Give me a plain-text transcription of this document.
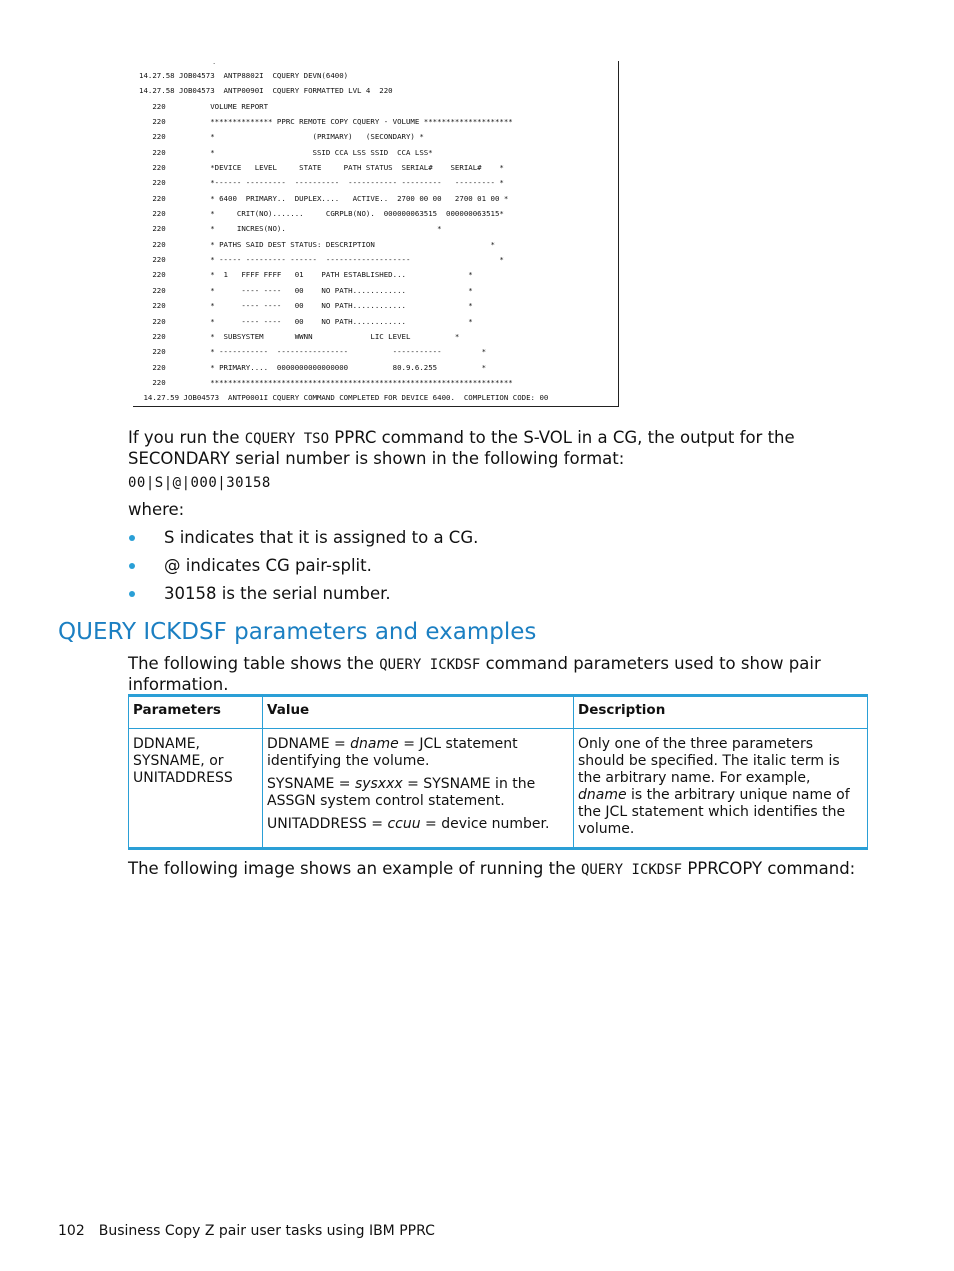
.
14.27.58 JOB04573  ANTP8802I  CQUERY DEVN(6400)
14.27.58 JOB04573  ANTP0090I  CQUERY FORMATTED LVL 4  220
220          VOLUME REPORT
220          ************** PPRC REMOTE COPY CQUERY - VOLUME ********************
220          *                      (PRIMARY)   (SECONDARY) *
220          *                      SSID CCA LSS SSID  CCA LSS*
220          *DEVICE   LEVEL     STATE     PATH STATUS  SERIAL#    SERIAL#    *
220          *------ ---------  ----------  ----------- ---------   --------- *
220          * 6400  PRIMARY..  DUPLEX....   ACTIVE..  2700 00 00   2700 01 00 *
220          *     CRIT(NO).......     CGRPLB(NO).  000000063515  000000063515*
220          *     INCRES(NO).                                  *
220          * PATHS SAID DEST STATUS: DESCRIPTION                          *
220          * ----- --------- ------  -------------------                    *
220          *  1   FFFF FFFF   01    PATH ESTABLISHED...              *
220          *      ---- ----   00    NO PATH............              *
220          *      ---- ----   00    NO PATH............              *
220          *      ---- ----   00    NO PATH............              *
220          *  SUBSYSTEM       WWNN             LIC LEVEL          *
220          * -----------  ----------------          -----------         *
220          * PRIMARY....  0000000000000000          80.9.6.255          *
220          ********************************************************************
14.27.59 JOB04573  ANTP0001I CQUERY COMMAND COMPLETED FOR DEVICE 6400.  COMPLETION CODE: 00
If you run the CQUERY TSO PPRC command to the S-VOL in a CG, the output for the SECONDARY serial number is shown in the following format:
00|S|@|000|30158
where:
S indicates that it is assigned to a CG.
@ indicates CG pair-split.
30158 is the serial number.
QUERY ICKDSF parameters and examples
The following table shows the QUERY ICKDSF command parameters used to show pair information.
Parameters	Value	Description
DDNAME, SYSNAME, or UNITADDRESS	DDNAME = dname = JCL statement identifying the volume.

SYSNAME = sysxxx = SYSNAME in the ASSGN system control statement.

UNITADDRESS = ccuu = device number.	Only one of the three parameters should be specified. The italic term is the arbitrary name. For example, dname is the arbitrary unique name of the JCL statement which identifies the volume.
The following image shows an example of running the QUERY ICKDSF PPRCOPY command:
102 Business Copy Z pair user tasks using IBM PPRC
